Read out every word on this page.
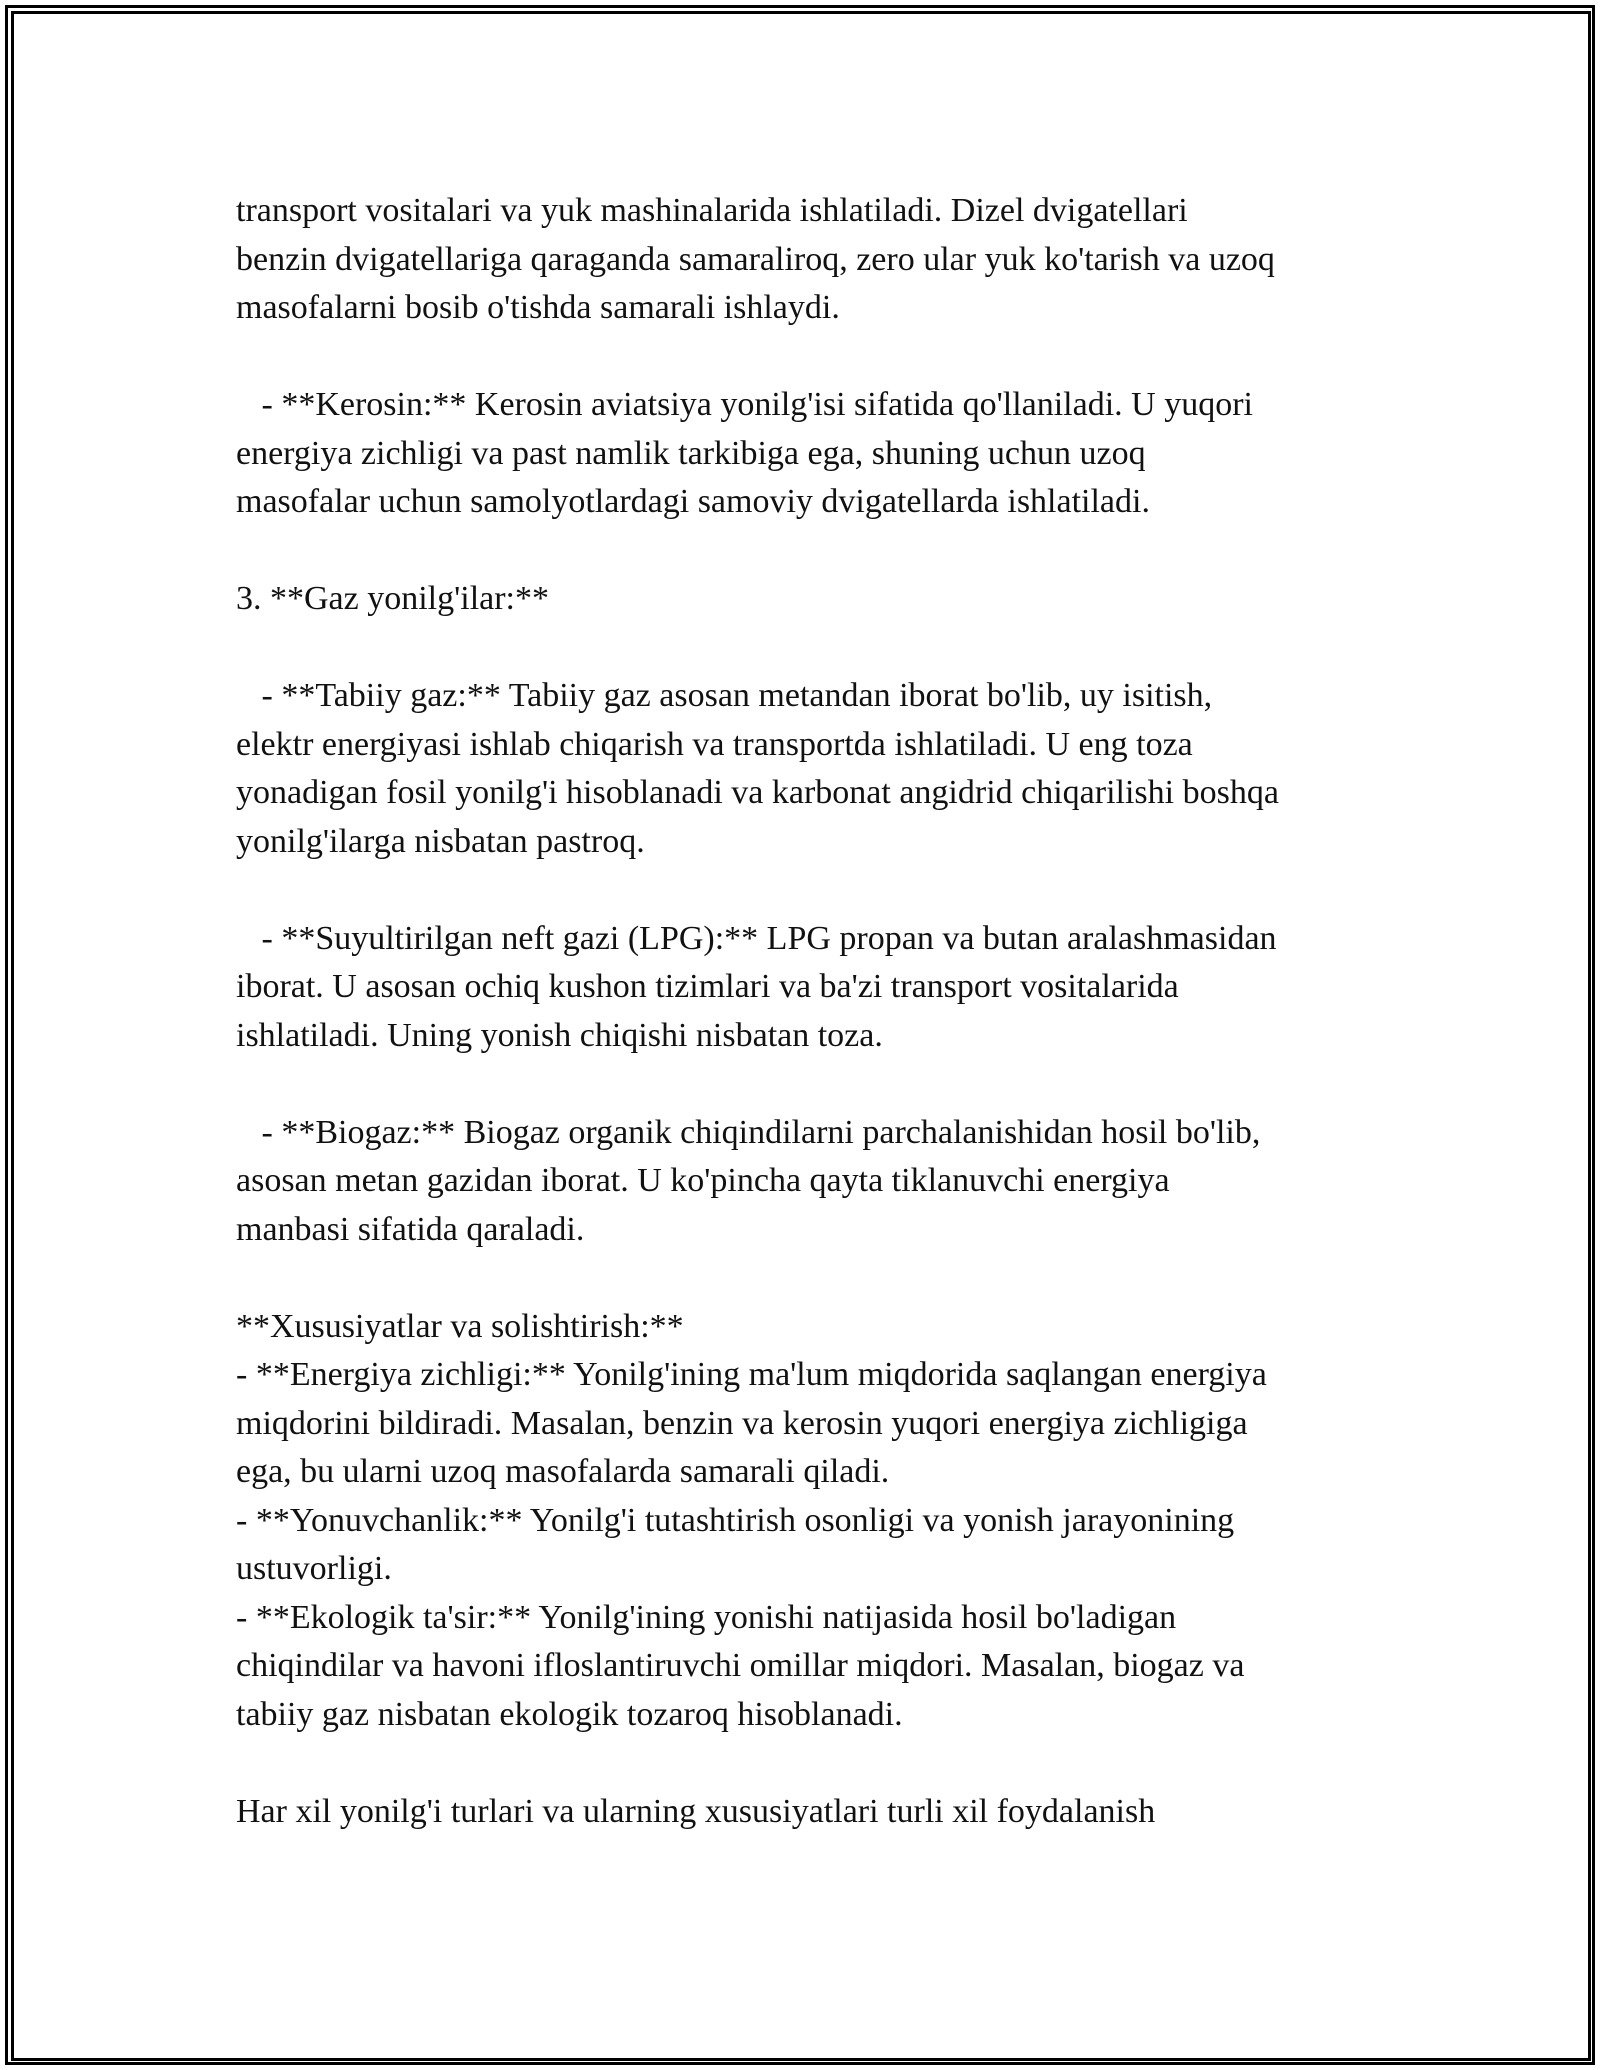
transport vositalari va yuk mashinalarida ishlatiladi. Dizel dvigatellari

benzin dvigatellariga qaraganda samaraliroq, zero ular yuk ko'tarish va uzoq

masofalarni bosib o'tishda samarali ishlaydi.

- **Kerosin:** Kerosin aviatsiya yonilg'isi sifatida qo'llaniladi. U yuqori

energiya zichligi va past namlik tarkibiga ega, shuning uchun uzoq

masofalar uchun samolyotlardagi samoviy dvigatellarda ishlatiladi.

3. **Gaz yonilg'ilar:**

- **Tabiiy gaz:** Tabiiy gaz asosan metandan iborat bo'lib, uy isitish,

elektr energiyasi ishlab chiqarish va transportda ishlatiladi. U eng toza

yonadigan fosil yonilg'i hisoblanadi va karbonat angidrid chiqarilishi boshqa

yonilg'ilarga nisbatan pastroq.

- **Suyultirilgan neft gazi (LPG):** LPG propan va butan aralashmasidan

iborat. U asosan ochiq kushon tizimlari va ba'zi transport vositalarida

ishlatiladi. Uning yonish chiqishi nisbatan toza.

- **Biogaz:** Biogaz organik chiqindilarni parchalanishidan hosil bo'lib,

asosan metan gazidan iborat. U ko'pincha qayta tiklanuvchi energiya

manbasi sifatida qaraladi.

**Xususiyatlar va solishtirish:**

- **Energiya zichligi:** Yonilg'ining ma'lum miqdorida saqlangan energiya

miqdorini bildiradi. Masalan, benzin va kerosin yuqori energiya zichligiga

ega, bu ularni uzoq masofalarda samarali qiladi.

- **Yonuvchanlik:** Yonilg'i tutashtirish osonligi va yonish jarayonining

ustuvorligi.

- **Ekologik ta'sir:** Yonilg'ining yonishi natijasida hosil bo'ladigan

chiqindilar va havoni ifloslantiruvchi omillar miqdori. Masalan, biogaz va

tabiiy gaz nisbatan ekologik tozaroq hisoblanadi.

Har xil yonilg'i turlari va ularning xususiyatlari turli xil foydalanish
